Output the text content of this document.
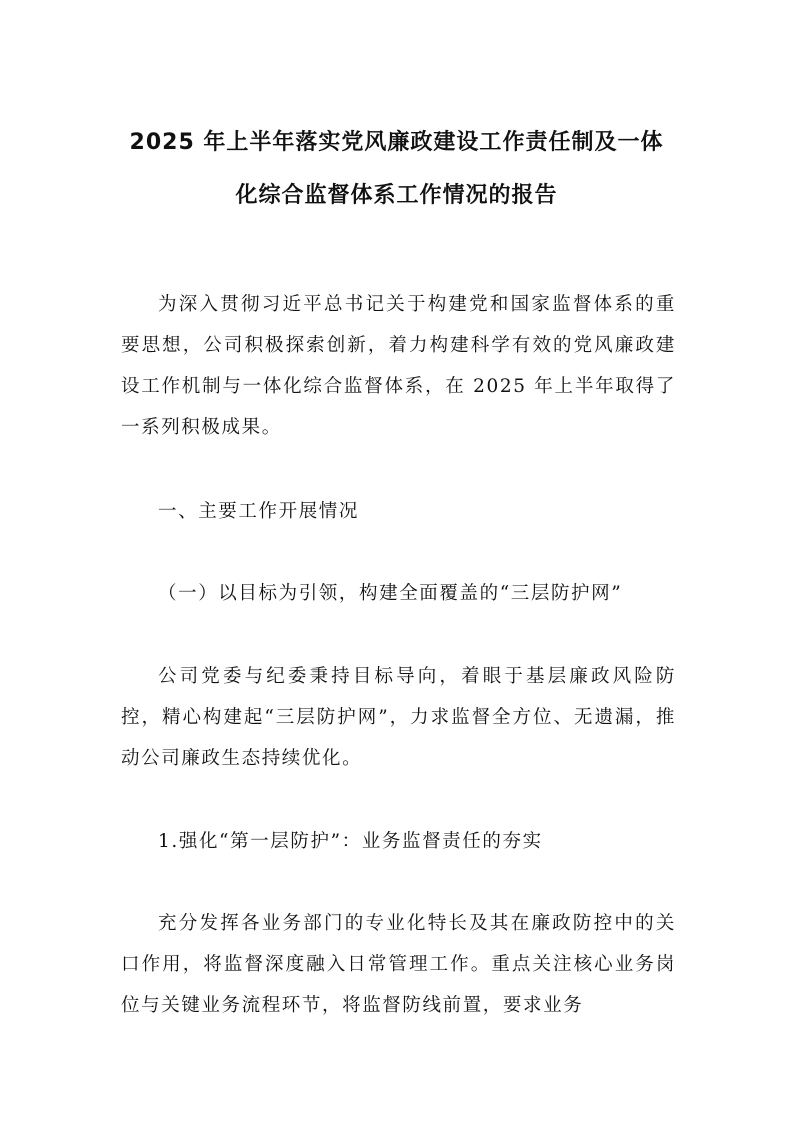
2025 年上半年落实党风廉政建设工作责任制及一体
化综合监督体系工作情况的报告

为深入贯彻习近平总书记关于构建党和国家监督体系的重要思想，公司积极探索创新，着力构建科学有效的党风廉政建设工作机制与一体化综合监督体系，在 2025 年上半年取得了一系列积极成果。

一、主要工作开展情况

（一）以目标为引领，构建全面覆盖的“三层防护网”

公司党委与纪委秉持目标导向，着眼于基层廉政风险防控，精心构建起“三层防护网”，力求监督全方位、无遗漏，推动公司廉政生态持续优化。

1.强化“第一层防护”：业务监督责任的夯实

充分发挥各业务部门的专业化特长及其在廉政防控中的关口作用，将监督深度融入日常管理工作。重点关注核心业务岗位与关键业务流程环节，将监督防线前置，要求业务
